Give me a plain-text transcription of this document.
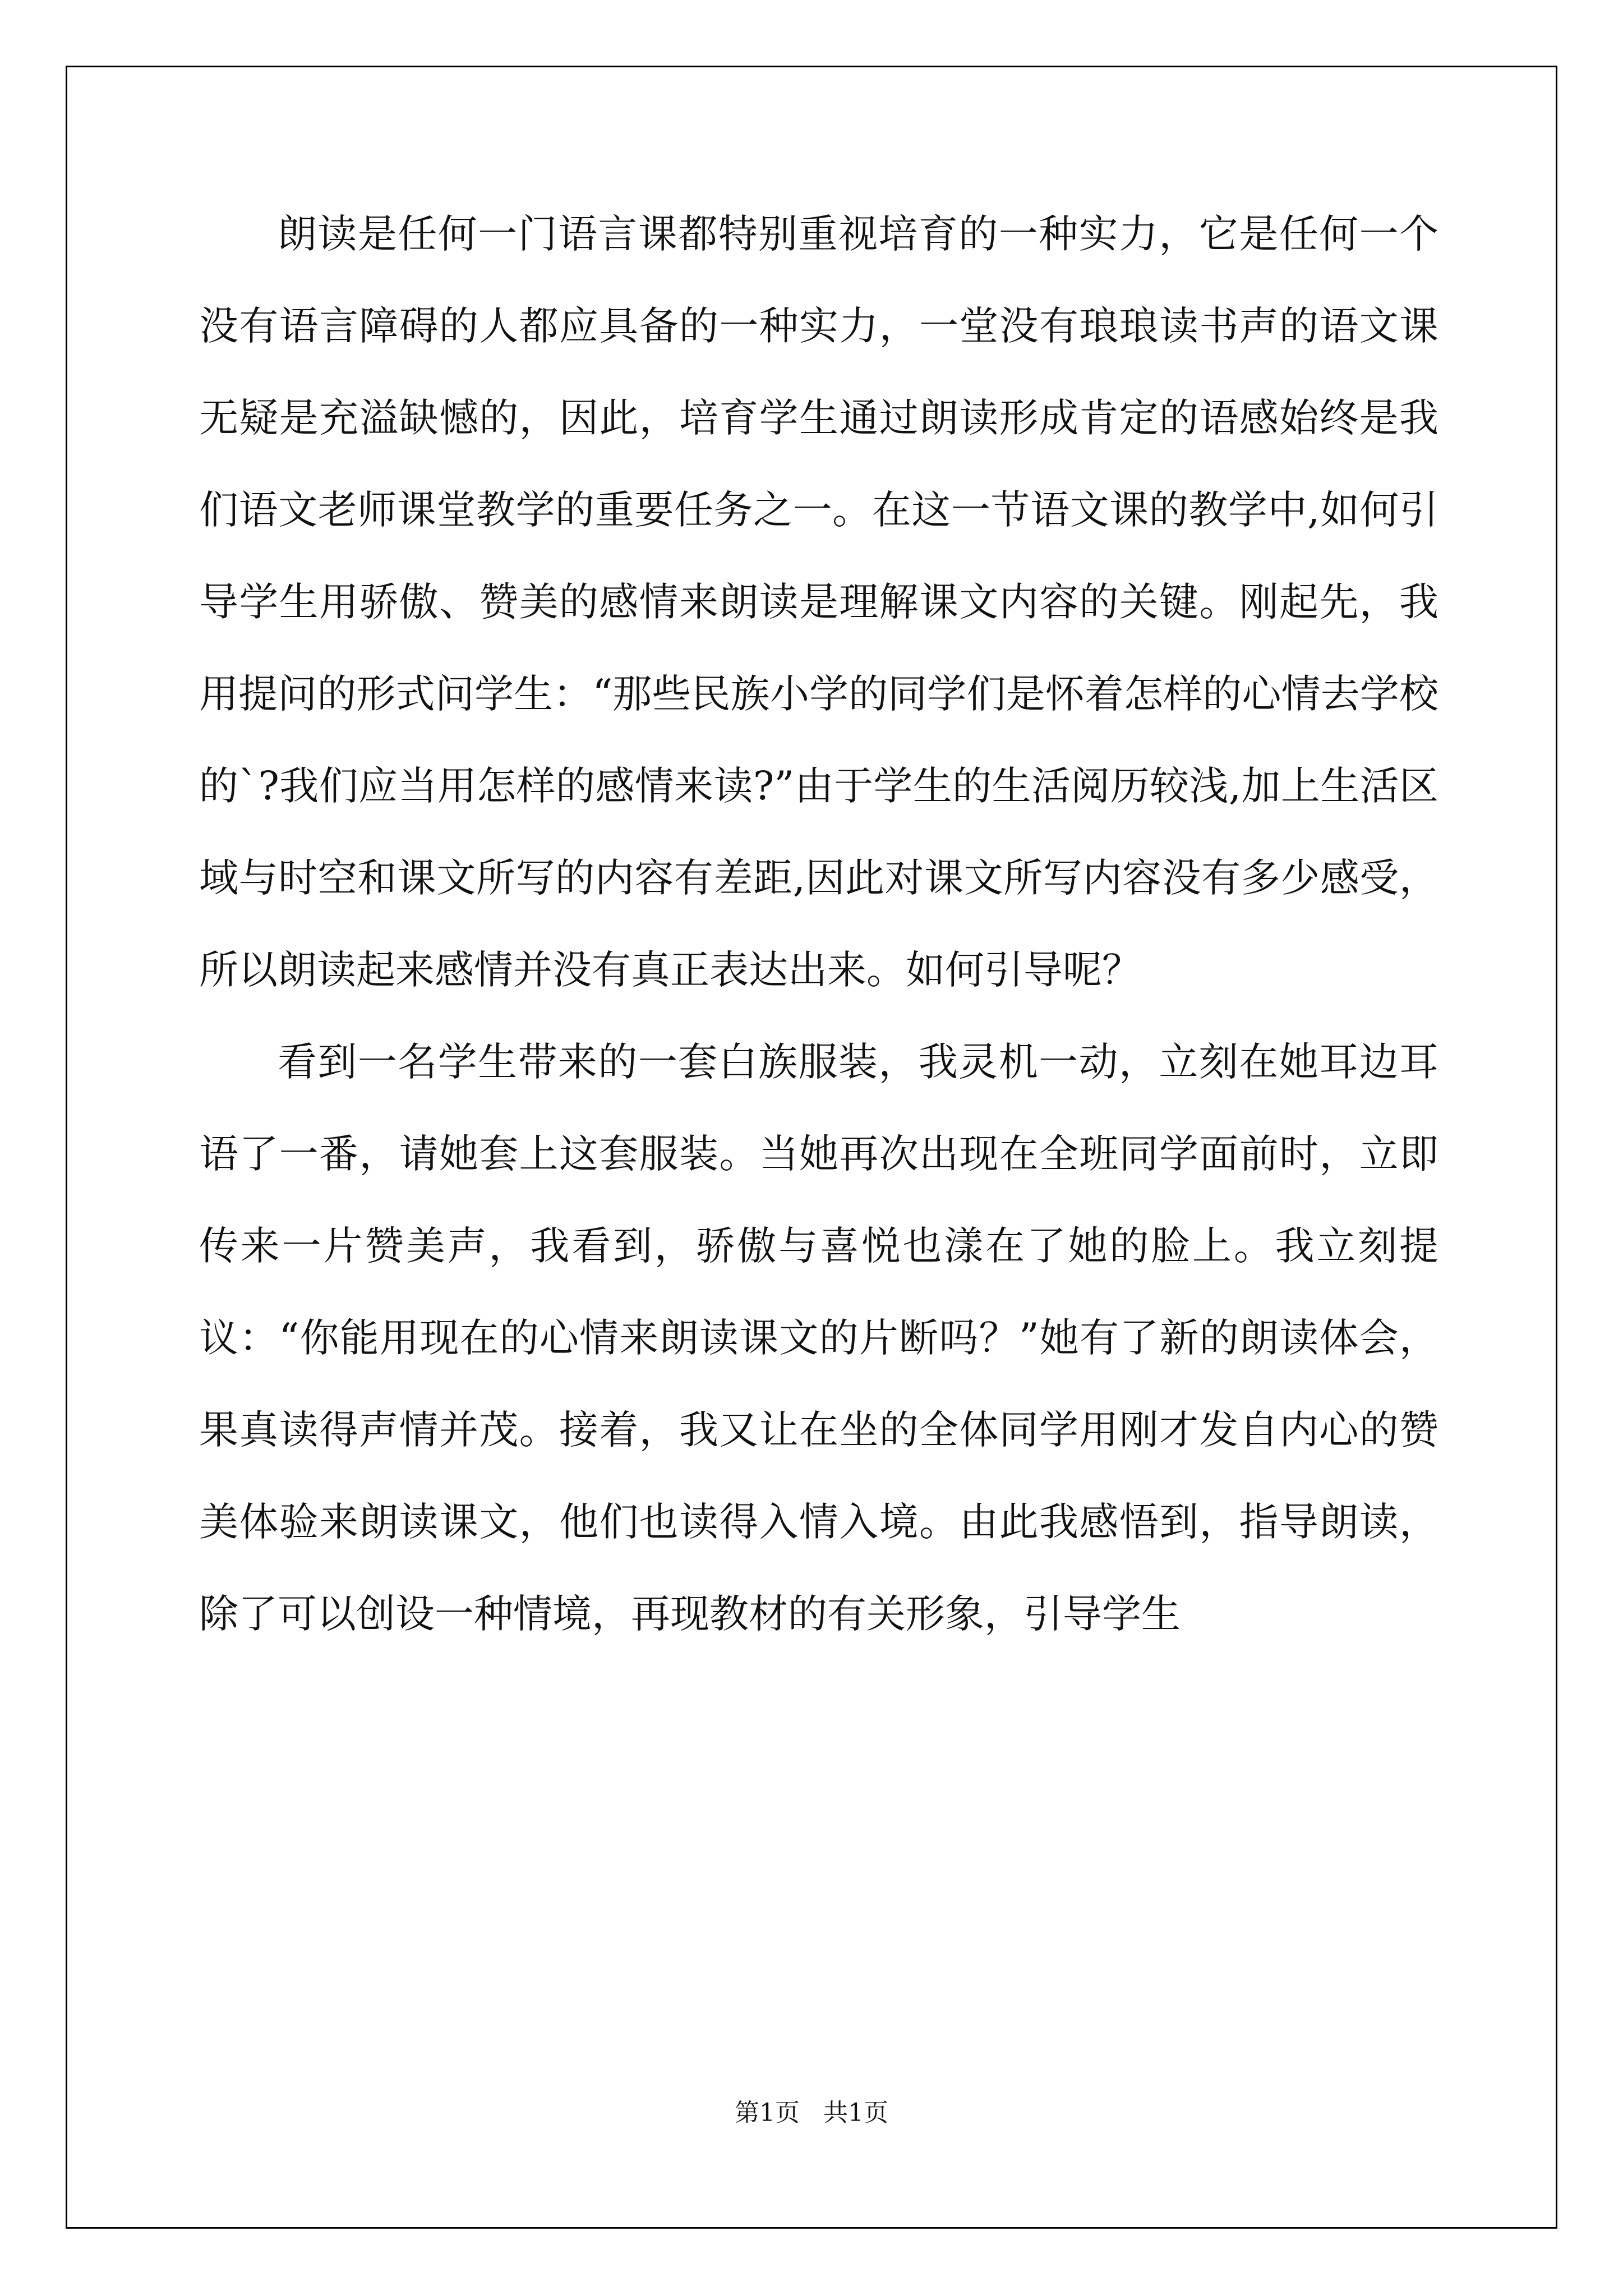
朗读是任何一门语言课都特别重视培育的一种实力，它是任何一个没有语言障碍的人都应具备的一种实力，一堂没有琅琅读书声的语文课无疑是充溢缺憾的，因此，培育学生通过朗读形成肯定的语感始终是我们语文老师课堂教学的重要任务之一。在这一节语文课的教学中,如何引导学生用骄傲、赞美的感情来朗读是理解课文内容的关键。刚起先，我用提问的形式问学生：“那些民族小学的同学们是怀着怎样的心情去学校的`?我们应当用怎样的感情来读?”由于学生的生活阅历较浅,加上生活区域与时空和课文所写的内容有差距,因此对课文所写内容没有多少感受，所以朗读起来感情并没有真正表达出来。如何引导呢？

看到一名学生带来的一套白族服装，我灵机一动，立刻在她耳边耳语了一番，请她套上这套服装。当她再次出现在全班同学面前时，立即传来一片赞美声，我看到，骄傲与喜悦也漾在了她的脸上。我立刻提议：“你能用现在的心情来朗读课文的片断吗？”她有了新的朗读体会，果真读得声情并茂。接着，我又让在坐的全体同学用刚才发自内心的赞美体验来朗读课文，他们也读得入情入境。由此我感悟到，指导朗读，除了可以创设一种情境，再现教材的有关形象，引导学生

第1页 共1页
